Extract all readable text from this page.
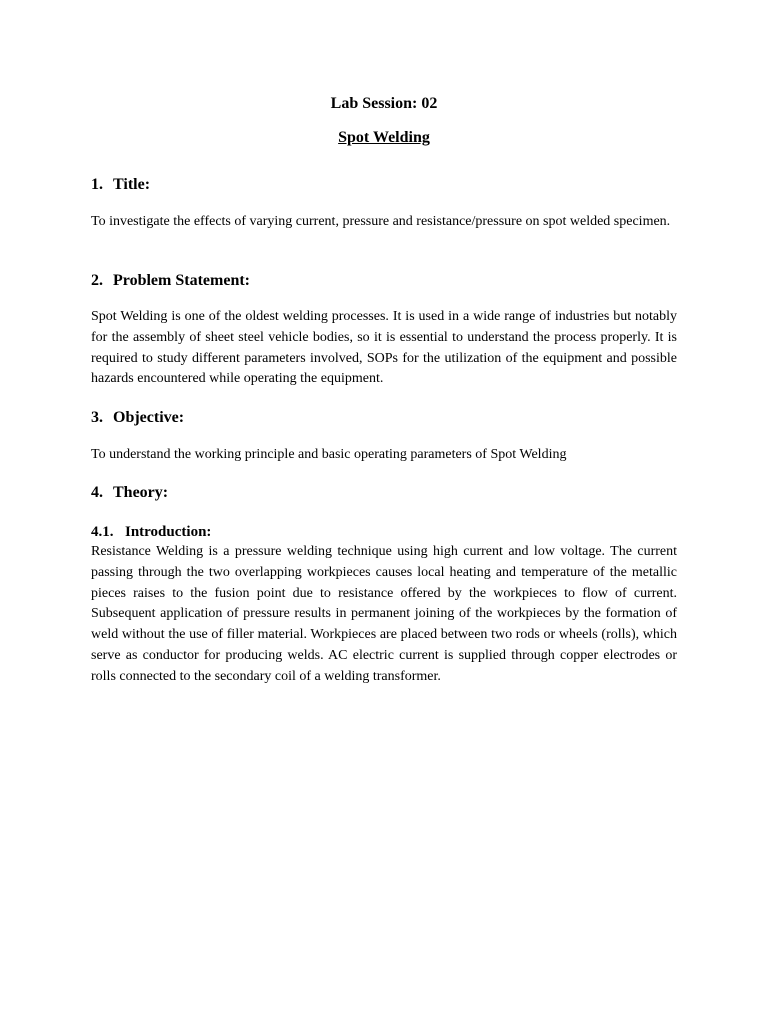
Lab Session: 02
Spot Welding
1. Title:

To investigate the effects of varying current, pressure and resistance/pressure on spot welded specimen.

2. Problem Statement:

Spot Welding is one of the oldest welding processes. It is used in a wide range of industries but notably for the assembly of sheet steel vehicle bodies, so it is essential to understand the process properly. It is required to study different parameters involved, SOPs for the utilization of the equipment and possible hazards encountered while operating the equipment.

3. Objective:

To understand the working principle and basic operating parameters of Spot Welding

4. Theory:
4.1. Introduction:

Resistance Welding is a pressure welding technique using high current and low voltage. The current passing through the two overlapping workpieces causes local heating and temperature of the metallic pieces raises to the fusion point due to resistance offered by the workpieces to flow of current. Subsequent application of pressure results in permanent joining of the workpieces by the formation of weld without the use of filler material. Workpieces are placed between two rods or wheels (rolls), which serve as conductor for producing welds. AC electric current is supplied through copper electrodes or rolls connected to the secondary coil of a welding transformer.
